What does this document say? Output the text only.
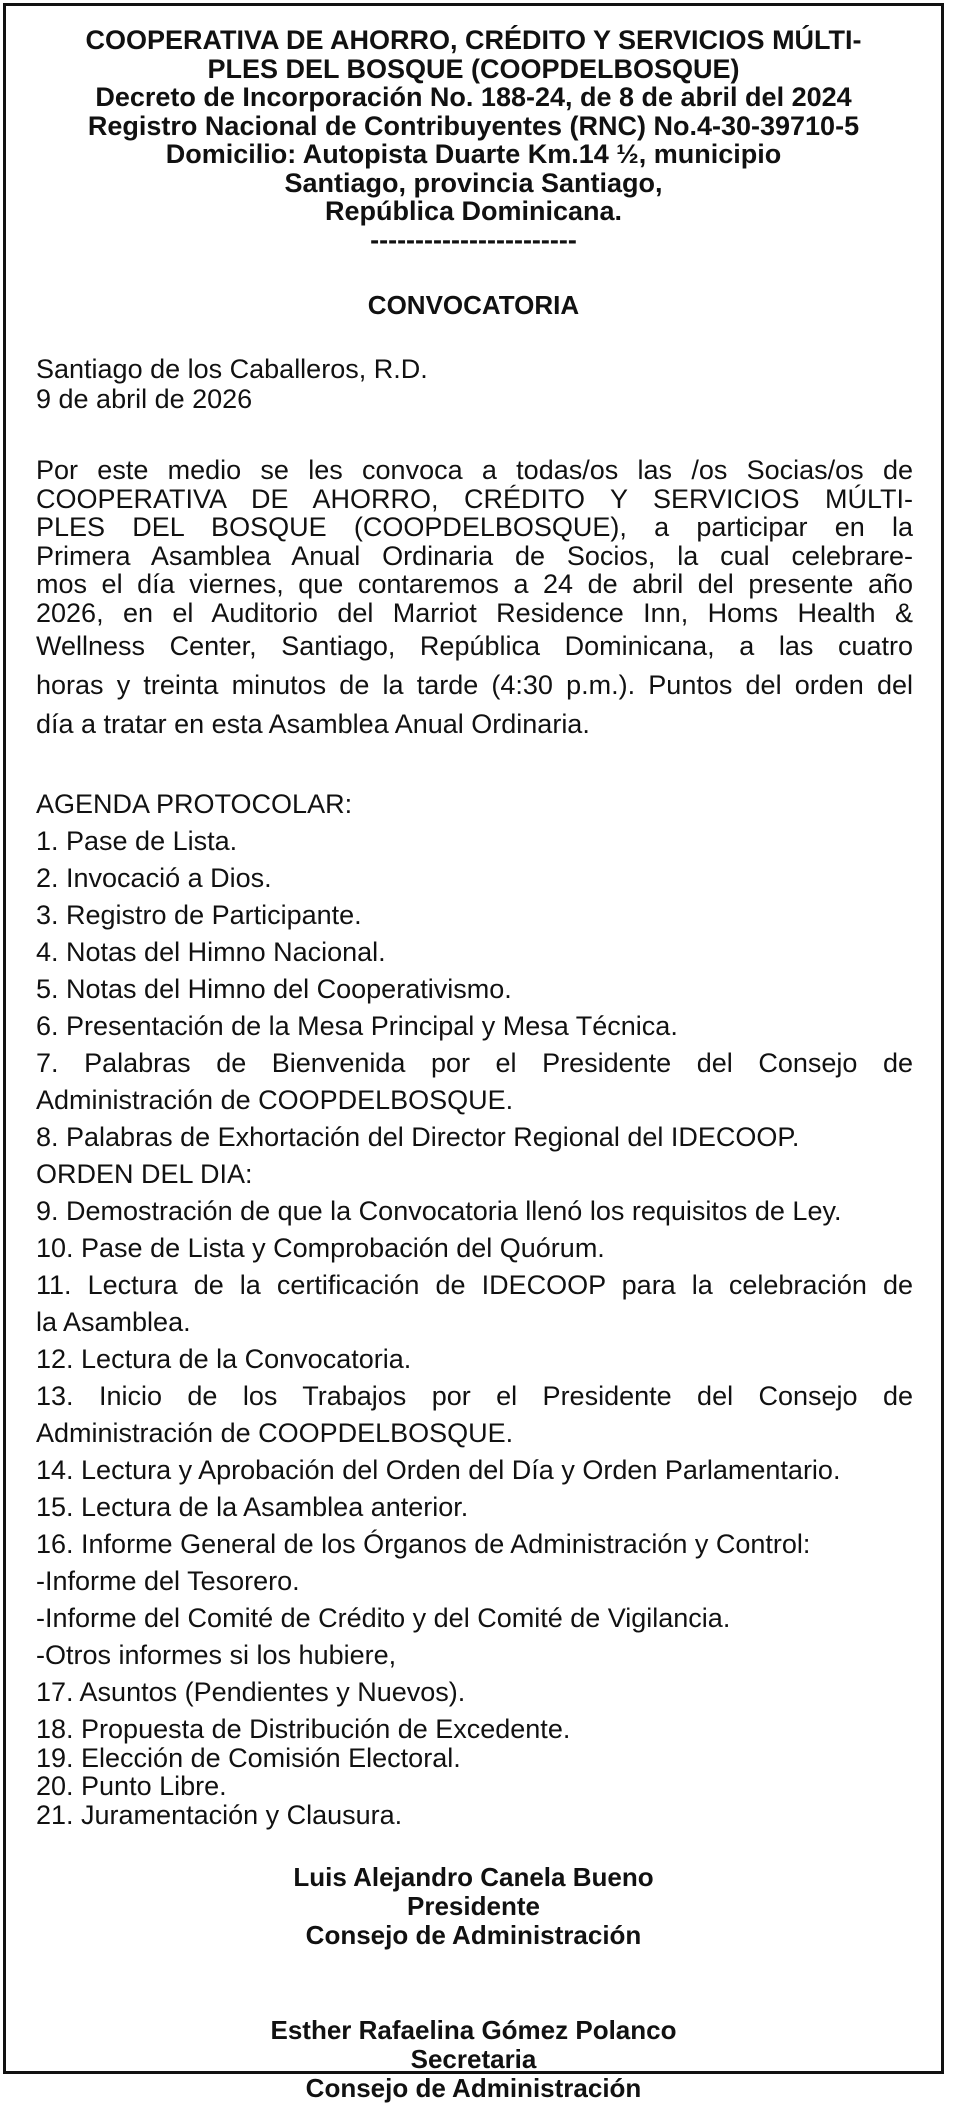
COOPERATIVA DE AHORRO, CRÉDITO Y SERVICIOS MÚLTI-
PLES DEL BOSQUE (COOPDELBOSQUE)
Decreto de Incorporación No. 188-24, de 8 de abril del 2024
Registro Nacional de Contribuyentes (RNC) No.4-30-39710-5
Domicilio: Autopista Duarte Km.14 ½, municipio
Santiago, provincia Santiago,
República Dominicana.
-----------------------
CONVOCATORIA
Santiago de los Caballeros, R.D.
9 de abril de 2026
Por este medio se les convoca a todas/os las /os Socias/os de
COOPERATIVA DE AHORRO, CRÉDITO Y SERVICIOS MÚLTI-
PLES DEL BOSQUE (COOPDELBOSQUE), a participar en la
Primera Asamblea Anual Ordinaria de Socios, la cual celebrare-
mos el día viernes, que contaremos a 24 de abril del presente año
2026, en el Auditorio del Marriot Residence Inn, Homs Health &
Wellness Center, Santiago, República Dominicana, a las cuatro
horas y treinta minutos de la tarde (4:30 p.m.). Puntos del orden del
día a tratar en esta Asamblea Anual Ordinaria.
AGENDA PROTOCOLAR:
1. Pase de Lista.
2. Invocació a Dios.
3. Registro de Participante.
4. Notas del Himno Nacional.
5. Notas del Himno del Cooperativismo.
6. Presentación de la Mesa Principal y Mesa Técnica.
7. Palabras de Bienvenida por el Presidente del Consejo de
Administración de COOPDELBOSQUE.
8. Palabras de Exhortación del Director Regional del IDECOOP.
ORDEN DEL DIA:
9. Demostración de que la Convocatoria llenó los requisitos de Ley.
10. Pase de Lista y Comprobación del Quórum.
11. Lectura de la certificación de IDECOOP para la celebración de
la Asamblea.
12. Lectura de la Convocatoria.
13. Inicio de los Trabajos por el Presidente del Consejo de
Administración de COOPDELBOSQUE.
14. Lectura y Aprobación del Orden del Día y Orden Parlamentario.
15. Lectura de la Asamblea anterior.
16. Informe General de los Órganos de Administración y Control:
-Informe del Tesorero.
-Informe del Comité de Crédito y del Comité de Vigilancia.
-Otros informes si los hubiere,
17. Asuntos (Pendientes y Nuevos).
18. Propuesta de Distribución de Excedente.
19. Elección de Comisión Electoral.
20. Punto Libre.
21. Juramentación y Clausura.
Luis Alejandro Canela Bueno
Presidente
Consejo de Administración
Esther Rafaelina Gómez Polanco
Secretaria
Consejo de Administración
